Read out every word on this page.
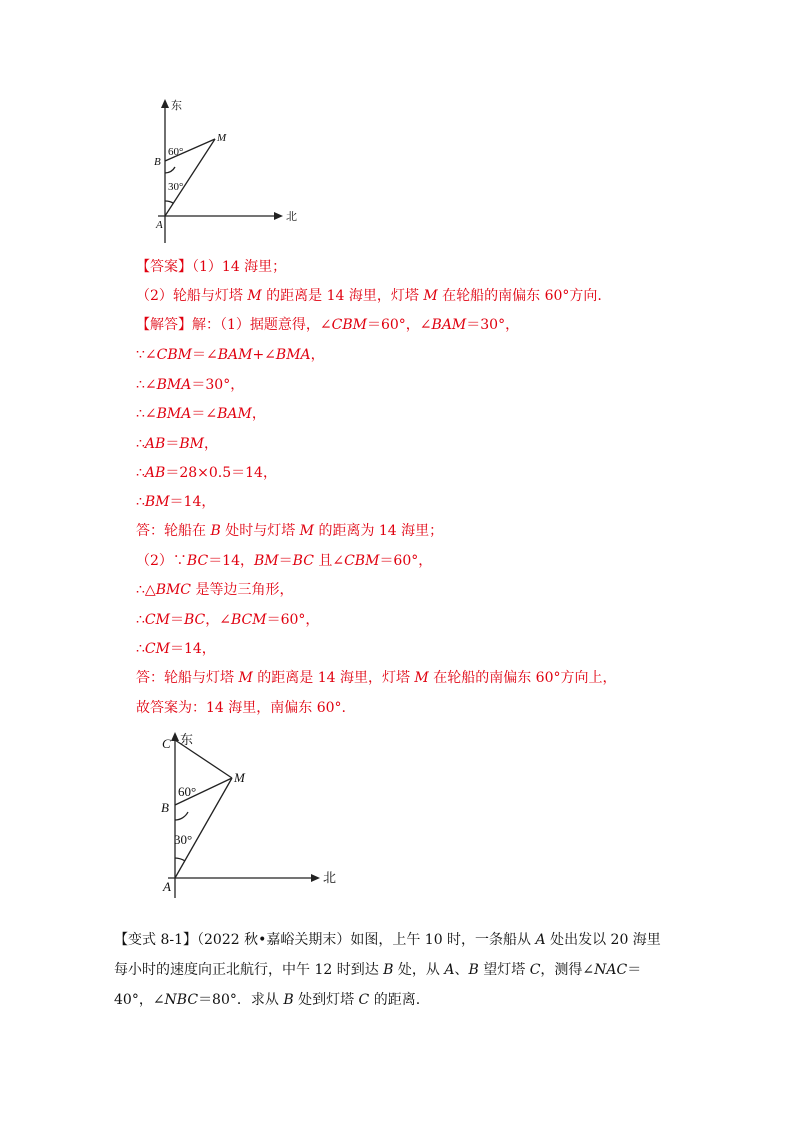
东
北
A
B
M
60°
30°
【答案】（1）14 海里；
（2）轮船与灯塔 M 的距离是 14 海里，灯塔 M 在轮船的南偏东 60°方向.
【解答】解：（1）据题意得，∠CBM＝60°，∠BAM＝30°，
∵∠CBM＝∠BAM+∠BMA，
∴∠BMA＝30°，
∴∠BMA＝∠BAM，
∴AB＝BM，
∴AB＝28×0.5＝14，
∴BM＝14，
答：轮船在 B 处时与灯塔 M 的距离为 14 海里；
（2）∵BC＝14，BM＝BC 且∠CBM＝60°，
∴△BMC 是等边三角形，
∴CM＝BC，∠BCM＝60°，
∴CM＝14，
答：轮船与灯塔 M 的距离是 14 海里，灯塔 M 在轮船的南偏东 60°方向上，
故答案为：14 海里，南偏东 60°.
东
北
C
A
B
M
60°
30°
【变式 8-1】（2022 秋•嘉峪关期末）如图，上午 10 时，一条船从 A 处出发以 20 海里每小时的速度向正北航行，中午 12 时到达 B 处，从 A、B 望灯塔 C，测得∠NAC＝40°，∠NBC＝80°．求从 B 处到灯塔 C 的距离.
